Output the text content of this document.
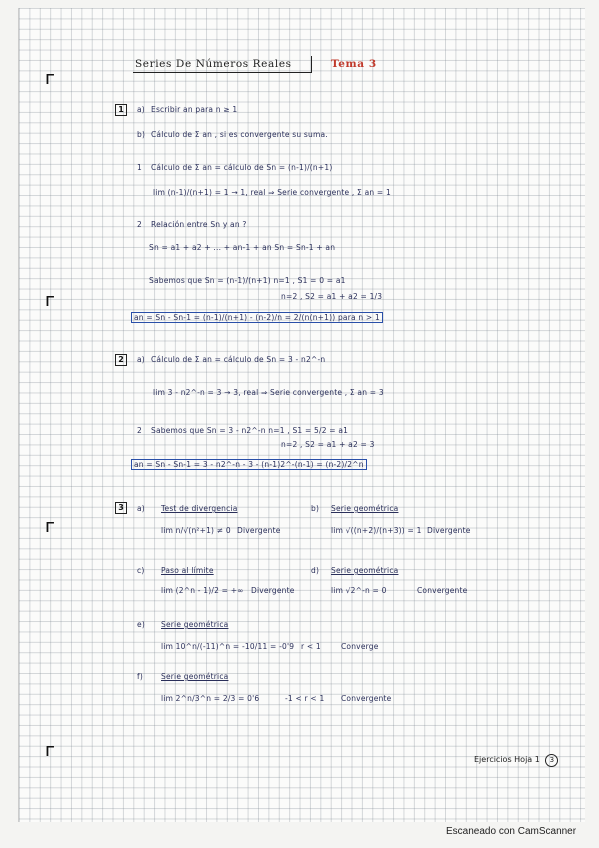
ᴦ
ᴦ
ᴦ
ᴦ
Series De Números Reales	Tema 3
1	a) Escribir an para n ≥ 1
b) Cálculo de Σ an , si es convergente su suma.
1 Cálculo de Σ an = cálculo de Sn = (n-1)/(n+1)
lim (n-1)/(n+1) = 1 → 1, real ⇒ Serie convergente , Σ an = 1
2 Relación entre Sn y an ?
Sn = a1 + a2 + ... + an-1 + an Sn = Sn-1 + an
Sabemos que Sn = (n-1)/(n+1) n=1 , S1 = 0 = a1
n=2 , S2 = a1 + a2 = 1/3
an = Sn - Sn-1 = (n-1)/(n+1) - (n-2)/n = 2/(n(n+1)) para n > 1
2	a) Cálculo de Σ an = cálculo de Sn = 3 - n2^-n
lim 3 - n2^-n = 3 → 3, real ⇒ Serie convergente , Σ an = 3
2 Sabemos que Sn = 3 - n2^-n n=1 , S1 = 5/2 = a1
n=2 , S2 = a1 + a2 = 3
an = Sn - Sn-1 = 3 - n2^-n - 3 - (n-1)2^-(n-1) = (n-2)/2^n
3	a) Test de divergencia
lim n/√(n²+1) ≠ 0 Divergente
b) Serie geométrica
lim √((n+2)/(n+3)) = 1 Divergente
c) Paso al límite
lim (2^n - 1)/2 = +∞ Divergente
d) Serie geométrica
lim √2^-n = 0	Convergente
e) Serie geométrica
lim 10^n/(-11)^n = -10/11 = -0'9 r < 1	Converge
f) Serie geométrica
lim 2^n/3^n = 2/3 = 0'6	-1 < r < 1 Convergente
Ejercicios Hoja 1 3
Escaneado con CamScanner
